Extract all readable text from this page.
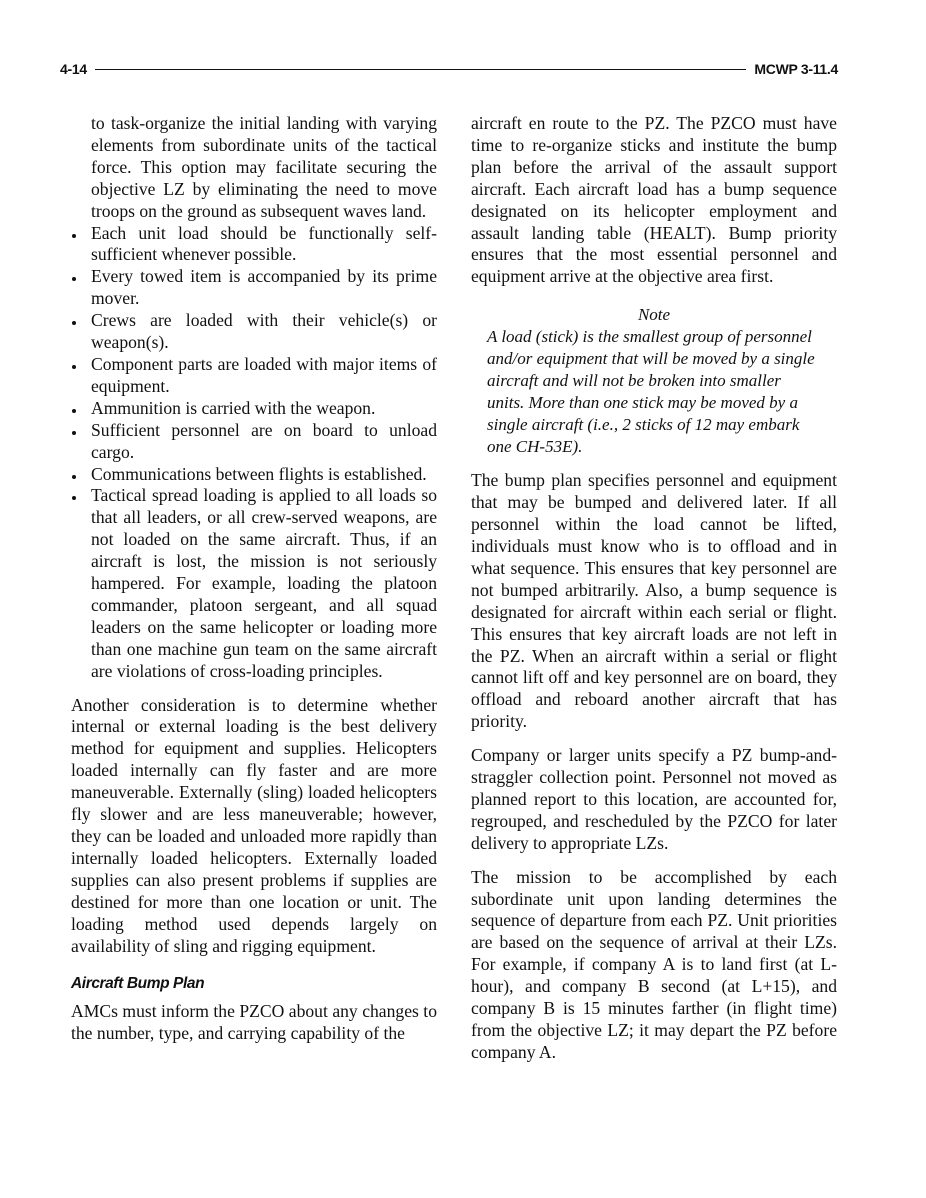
4-14	MCWP 3-11.4

to task-organize the initial landing with varying elements from subordinate units of the tactical force. This option may facilitate securing the objective LZ by eliminating the need to move troops on the ground as subsequent waves land.

Each unit load should be functionally self-sufficient whenever possible.
Every towed item is accompanied by its prime mover.
Crews are loaded with their vehicle(s) or weapon(s).
Component parts are loaded with major items of equipment.
Ammunition is carried with the weapon.
Sufficient personnel are on board to unload cargo.
Communications between flights is established.
Tactical spread loading is applied to all loads so that all leaders, or all crew-served weapons, are not loaded on the same aircraft. Thus, if an aircraft is lost, the mission is not seriously hampered. For example, loading the platoon commander, platoon sergeant, and all squad leaders on the same helicopter or loading more than one machine gun team on the same aircraft are violations of cross-loading principles.

Another consideration is to determine whether internal or external loading is the best delivery method for equipment and supplies. Helicopters loaded internally can fly faster and are more maneuverable. Externally (sling) loaded helicopters fly slower and are less maneuverable; however, they can be loaded and unloaded more rapidly than internally loaded helicopters. Externally loaded supplies can also present problems if supplies are destined for more than one location or unit. The loading method used depends largely on availability of sling and rigging equipment.

Aircraft Bump Plan

AMCs must inform the PZCO about any changes to the number, type, and carrying capability of the

aircraft en route to the PZ. The PZCO must have time to re-organize sticks and institute the bump plan before the arrival of the assault support aircraft. Each aircraft load has a bump sequence designated on its helicopter employment and assault landing table (HEALT). Bump priority ensures that the most essential personnel and equipment arrive at the objective area first.

Note

A load (stick) is the smallest group of personnel and/or equipment that will be moved by a single aircraft and will not be broken into smaller units. More than one stick may be moved by a single aircraft (i.e., 2 sticks of 12 may embark one CH-53E).

The bump plan specifies personnel and equipment that may be bumped and delivered later. If all personnel within the load cannot be lifted, individuals must know who is to offload and in what sequence. This ensures that key personnel are not bumped arbitrarily. Also, a bump sequence is designated for aircraft within each serial or flight. This ensures that key aircraft loads are not left in the PZ. When an aircraft within a serial or flight cannot lift off and key personnel are on board, they offload and reboard another aircraft that has priority.

Company or larger units specify a PZ bump-and-straggler collection point. Personnel not moved as planned report to this location, are accounted for, regrouped, and rescheduled by the PZCO for later delivery to appropriate LZs.

The mission to be accomplished by each subordinate unit upon landing determines the sequence of departure from each PZ. Unit priorities are based on the sequence of arrival at their LZs. For example, if company A is to land first (at L-hour), and company B second (at L+15), and company B is 15 minutes farther (in flight time) from the objective LZ; it may depart the PZ before company A.
